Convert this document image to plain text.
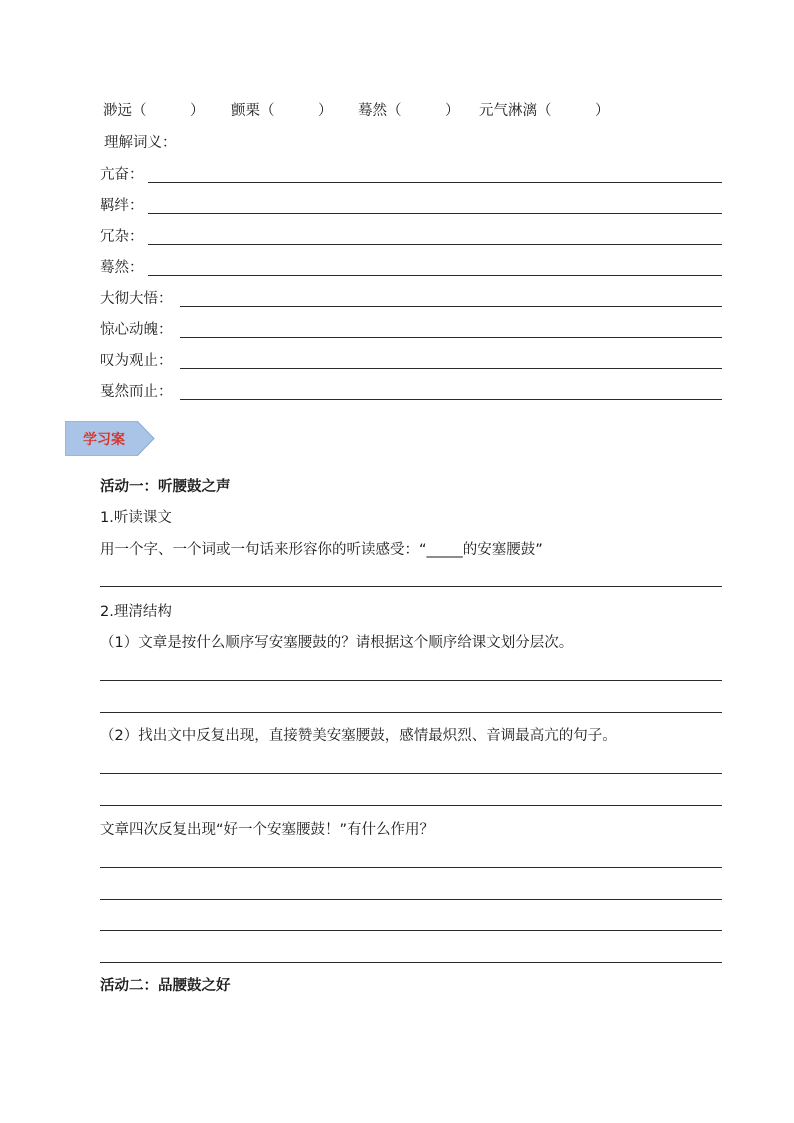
渺远（　　　） 颤栗（　　　） 蓦然（　　　） 元气淋漓（　　　）
理解词义：
亢奋：
羁绊：
冗杂：
蓦然：
大彻大悟：
惊心动魄：
叹为观止：
戛然而止：
学习案
活动一：听腰鼓之声
1.听读课文
用一个字、一个词或一句话来形容你的听读感受：“_____的安塞腰鼓”
2.理清结构
（1）文章是按什么顺序写安塞腰鼓的？请根据这个顺序给课文划分层次。
（2）找出文中反复出现，直接赞美安塞腰鼓，感情最炽烈、音调最高亢的句子。
文章四次反复出现“好一个安塞腰鼓！”有什么作用？
活动二：品腰鼓之好
